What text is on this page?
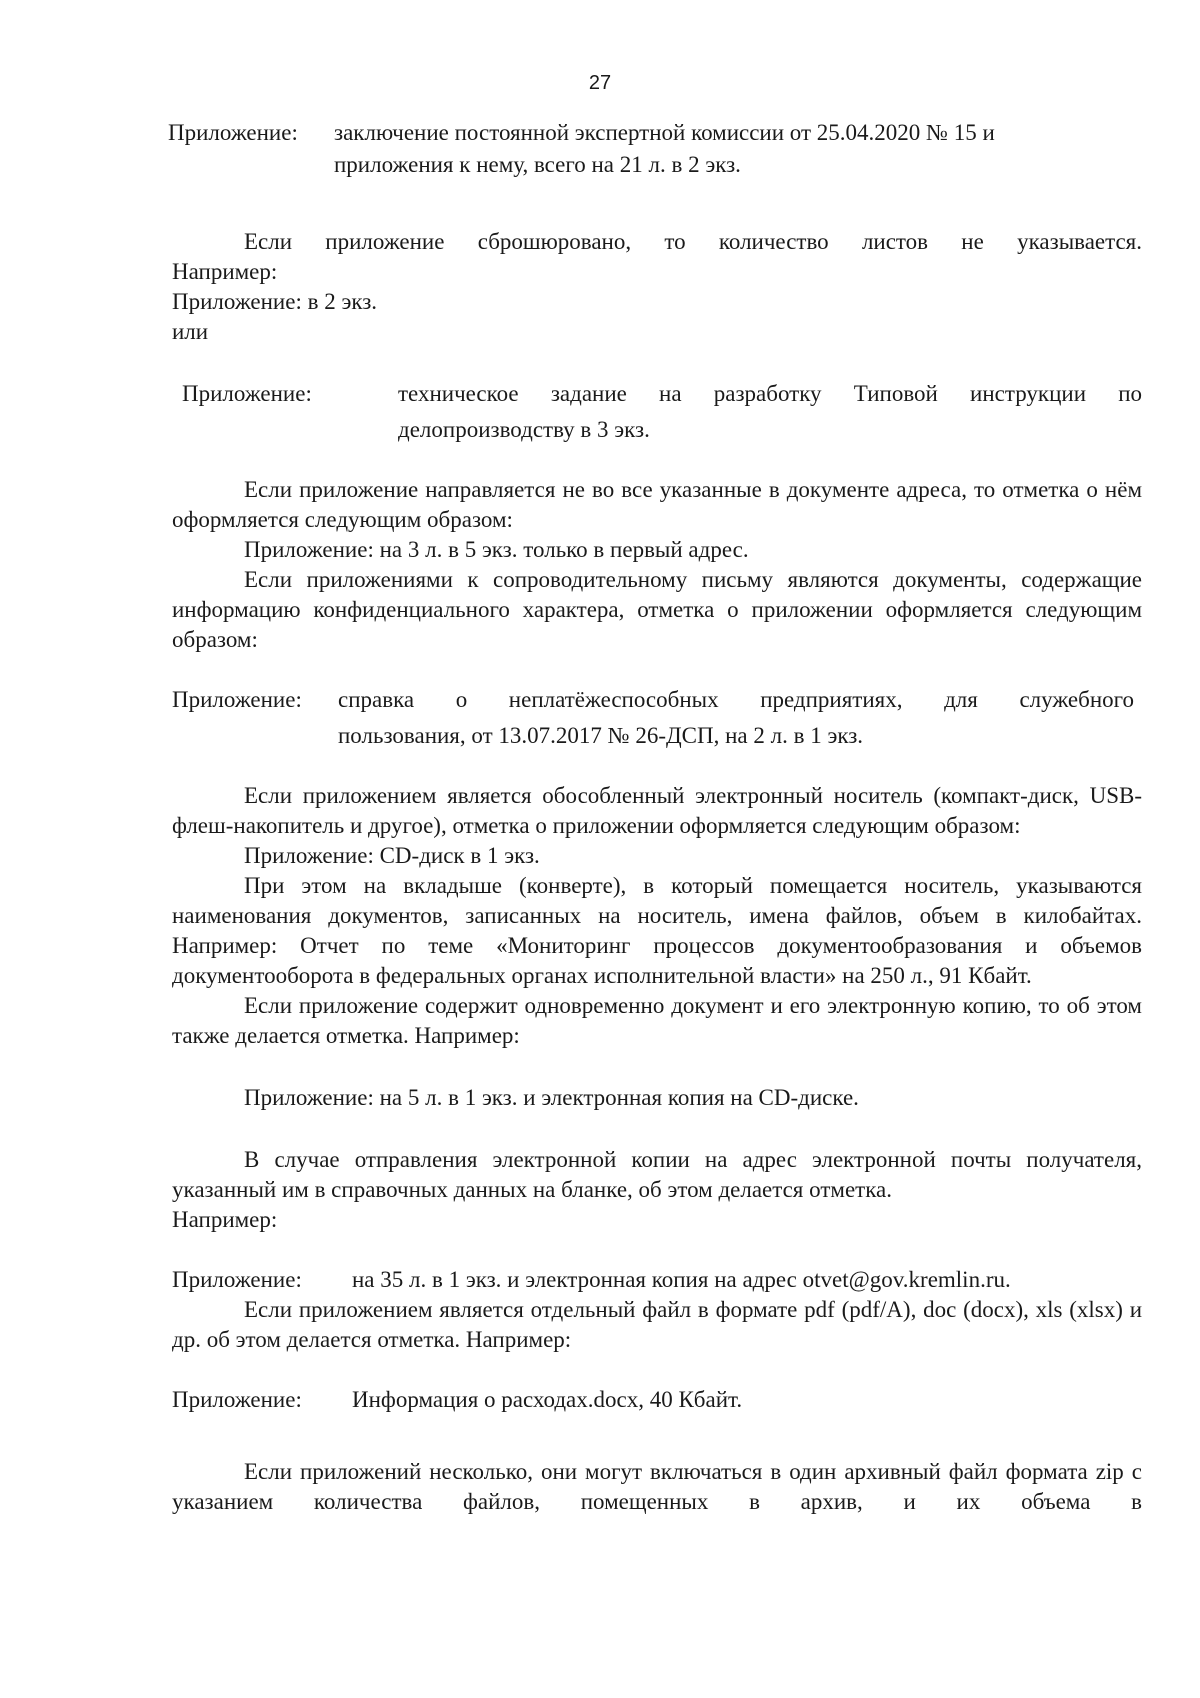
27
Приложение:	заключение постоянной экспертной комиссии от 25.04.2020 № 15 и

приложения к нему, всего на 21 л. в 2 экз.

Если приложение сброшюровано, то количество листов не указывается.

Например:

Приложение: в 2 экз.

или

Приложение:	техническое задание на разработку Типовой инструкции по

делопроизводству в 3 экз.

Если приложение направляется не во все указанные в документе адреса, то отметка о нём оформляется следующим образом:

Приложение: на 3 л. в 5 экз. только в первый адрес.

Если приложениями к сопроводительному письму являются документы, содержащие информацию конфиденциального характера, отметка о приложении оформляется следующим образом:

Приложение:	справка о неплатёжеспособных предприятиях, для служебного

пользования, от 13.07.2017 № 26-ДСП, на 2 л. в 1 экз.

Если приложением является обособленный электронный носитель (компакт-диск, USB-флеш-накопитель и другое), отметка о приложении оформляется следующим образом:

Приложение: CD-диск в 1 экз.

При этом на вкладыше (конверте), в который помещается носитель, указываются наименования документов, записанных на носитель, имена файлов, объем в килобайтах. Например: Отчет по теме «Мониторинг процессов документообразования и объемов документооборота в федеральных органах исполнительной власти» на 250 л., 91 Кбайт.

Если приложение содержит одновременно документ и его электронную копию, то об этом также делается отметка. Например:

Приложение: на 5 л. в 1 экз. и электронная копия на CD-диске.

В случае отправления электронной копии на адрес электронной почты получателя, указанный им в справочных данных на бланке, об этом делается отметка.

Например:

Приложение:	на 35 л. в 1 экз. и электронная копия на адрес otvet@gov.kremlin.ru.

Если приложением является отдельный файл в формате pdf (pdf/A), doc (docx), xls (xlsx) и др. об этом делается отметка. Например:

Приложение:	Информация о расходах.docx, 40 Кбайт.

Если приложений несколько, они могут включаться в один архивный файл формата zip с указанием количества файлов, помещенных в архив, и их объема в
